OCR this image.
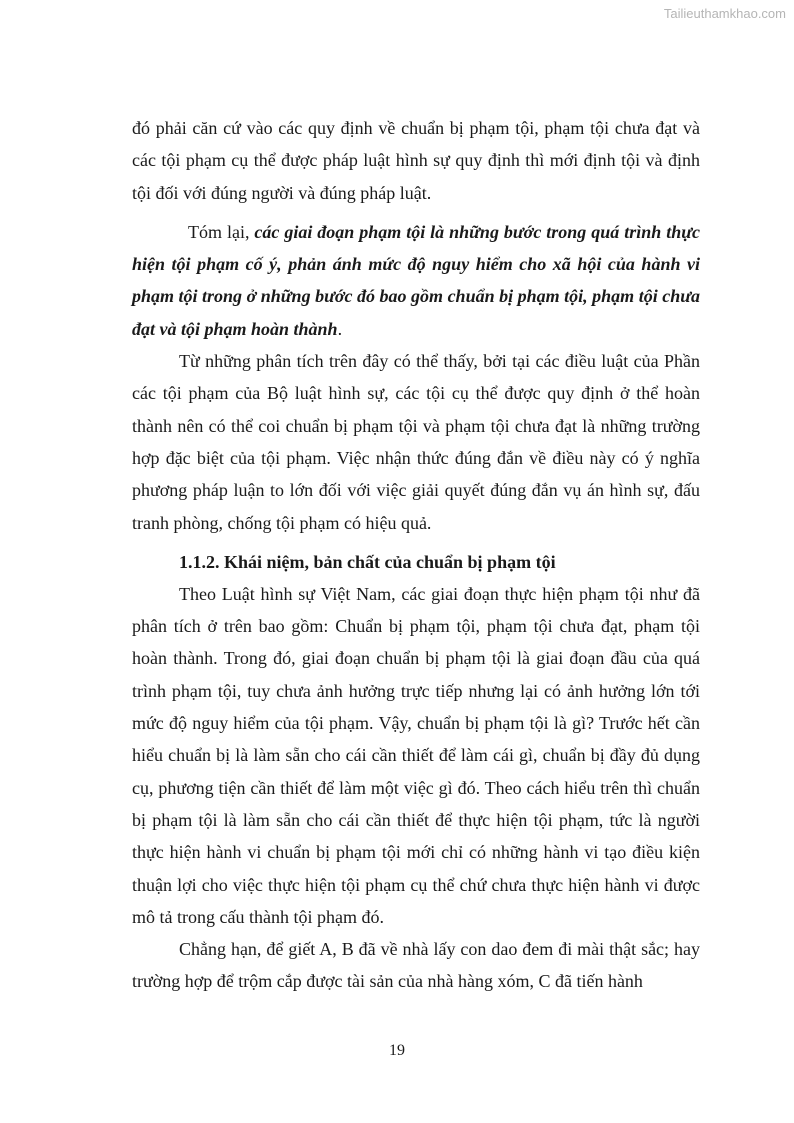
Tailieuthamkhao.com

đó phải căn cứ vào các quy định về chuẩn bị phạm tội, phạm tội chưa đạt và các tội phạm cụ thể được pháp luật hình sự quy định thì mới định tội và định tội đối với đúng người và đúng pháp luật.

Tóm lại, các giai đoạn phạm tội là những bước trong quá trình thực hiện tội phạm cố ý, phản ánh mức độ nguy hiểm cho xã hội của hành vi phạm tội trong ở những bước đó bao gồm chuẩn bị phạm tội, phạm tội chưa đạt và tội phạm hoàn thành.

Từ những phân tích trên đây có thể thấy, bởi tại các điều luật của Phần các tội phạm của Bộ luật hình sự, các tội cụ thể được quy định ở thể hoàn thành nên có thể coi chuẩn bị phạm tội và phạm tội chưa đạt là những trường hợp đặc biệt của tội phạm. Việc nhận thức đúng đắn về điều này có ý nghĩa phương pháp luận to lớn đối với việc giải quyết đúng đắn vụ án hình sự, đấu tranh phòng, chống tội phạm có hiệu quả.

1.1.2. Khái niệm, bản chất của chuẩn bị phạm tội

Theo Luật hình sự Việt Nam, các giai đoạn thực hiện phạm tội như đã phân tích ở trên bao gồm: Chuẩn bị phạm tội, phạm tội chưa đạt, phạm tội hoàn thành. Trong đó, giai đoạn chuẩn bị phạm tội là giai đoạn đầu của quá trình phạm tội, tuy chưa ảnh hưởng trực tiếp nhưng lại có ảnh hưởng lớn tới mức độ nguy hiểm của tội phạm. Vậy, chuẩn bị phạm tội là gì? Trước hết cần hiểu chuẩn bị là làm sẵn cho cái cần thiết để làm cái gì, chuẩn bị đầy đủ dụng cụ, phương tiện cần thiết để làm một việc gì đó. Theo cách hiểu trên thì chuẩn bị phạm tội là làm sẵn cho cái cần thiết để thực hiện tội phạm, tức là người thực hiện hành vi chuẩn bị phạm tội mới chỉ có những hành vi tạo điều kiện thuận lợi cho việc thực hiện tội phạm cụ thể chứ chưa thực hiện hành vi được mô tả trong cấu thành tội phạm đó.

Chẳng hạn, để giết A, B đã về nhà lấy con dao đem đi mài thật sắc; hay trường hợp để trộm cắp được tài sản của nhà hàng xóm, C đã tiến hành

19
